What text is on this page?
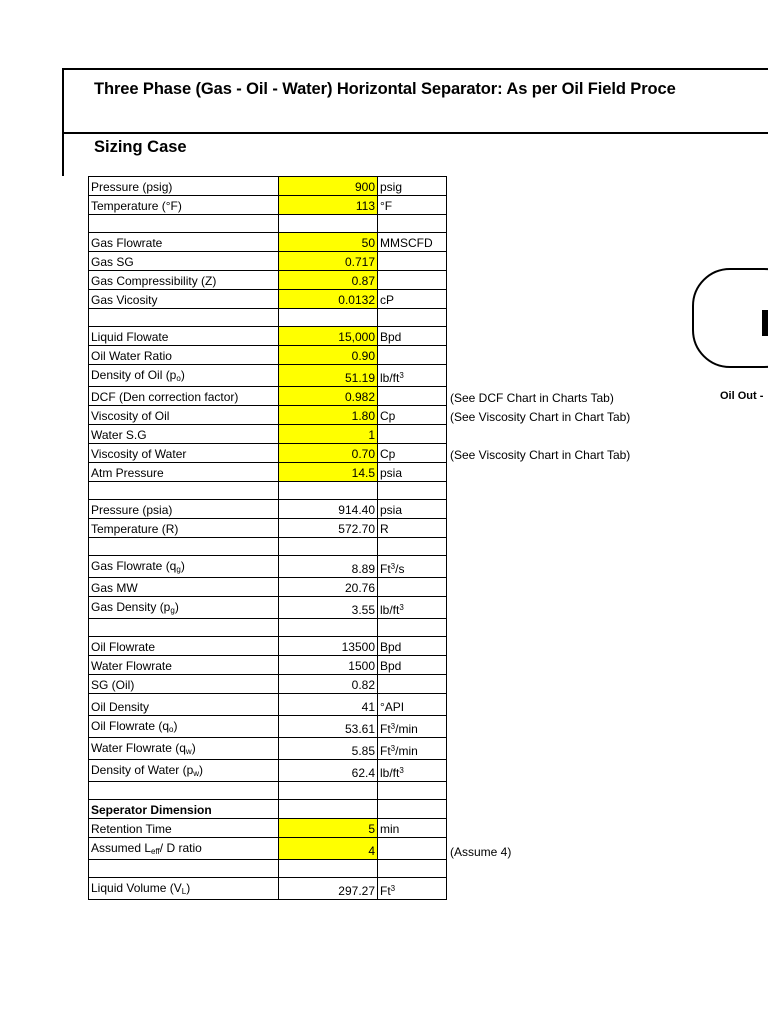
Three Phase (Gas - Oil - Water) Horizontal Separator: As per Oil Field Proce
Sizing Case
Pressure (psig)	900	psig	
Temperature (°F)	113	°F	

Gas Flowrate	50	MMSCFD	
Gas SG	0.717		
Gas Compressibility (Z)	0.87		
Gas Vicosity	0.0132	cP	

Liquid Flowate	15,000	Bpd	
Oil Water Ratio	0.90		
Density of Oil $(p_o)$	51.19	$lb/ft^3$	
DCF (Den correction factor)	0.982		(See DCF Chart in Charts Tab)
Viscosity of Oil	1.80	Cp	(See Viscosity Chart in Chart Tab)
Water S.G	1		
Viscosity of Water	0.70	Cp	(See Viscosity Chart in Chart Tab)
Atm Pressure	14.5	psia	

Pressure (psia)	914.40	psia	
Temperature (R)	572.70	R	

Gas Flowrate $(q_g)$	8.89	Ft$^3$/s	
Gas MW	20.76		
Gas Density $(p_g)$	3.55	$lb/ft^3$	

Oil Flowrate	13500	Bpd	
Water Flowrate	1500	Bpd	
SG (Oil)	0.82		
Oil Density	41	°API	
Oil Flowrate $(q_o)$	53.61	Ft$^3$/min	
Water Flowrate $(q_w)$	5.85	Ft$^3$/min	
Density of Water $(p_w)$	62.4	$lb/ft^3$	

Seperator Dimension			
Retention Time	5	min	
Assumed $L_{eff}/$ D ratio	4		(Assume 4)

Liquid Volume $(V_L)$	297.27	Ft$^3$	
Oil Out -
